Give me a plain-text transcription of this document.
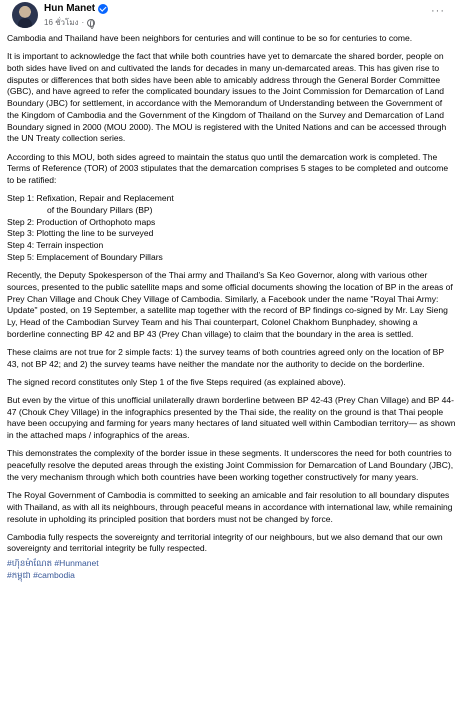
Hun Manet
16 ชั่วโมง ·
···

Cambodia and Thailand have been neighbors for centuries and will continue to be so for centuries to come.

It is important to acknowledge the fact that while both countries have yet to demarcate the shared border, people on both sides have lived on and cultivated the lands for decades in many un-demarcated areas. This has given rise to disputes or differences that both sides have been able to amicably address through the General Border Committee (GBC), and have agreed to refer the complicated boundary issues to the Joint Commission for Demarcation of Land Boundary (JBC) for settlement, in accordance with the Memorandum of Understanding between the Government of the Kingdom of Cambodia and the Government of the Kingdom of Thailand on the Survey and Demarcation of Land Boundary signed in 2000 (MOU 2000). The MOU is registered with the United Nations and can be accessed through the UN Treaty collection series.

According to this MOU, both sides agreed to maintain the status quo until the demarcation work is completed. The Terms of Reference (TOR) of 2003 stipulates that the demarcation comprises 5 stages to be completed and outcome to be ratified:

Step 1: Refixation, Repair and Replacement
of the Boundary Pillars (BP)
Step 2: Production of Orthophoto maps
Step 3: Plotting the line to be surveyed
Step 4: Terrain inspection
Step 5: Emplacement of Boundary Pillars

Recently, the Deputy Spokesperson of the Thai army and Thailand’s Sa Keo Governor, along with various other sources, presented to the public satellite maps and some official documents showing the location of BP in the areas of Prey Chan Village and Chouk Chey Village of Cambodia. Similarly, a Facebook under the name "Royal Thai Army: Update" posted, on 19 September, a satellite map together with the record of BP findings co-signed by Mr. Lay Sieng Ly, Head of the Cambodian Survey Team and his Thai counterpart, Colonel Chakhom Bunphadey, showing a borderline connecting BP 42 and BP 43 (Prey Chan village) to claim that the boundary in the area is settled.

These claims are not true for 2 simple facts: 1) the survey teams of both countries agreed only on the location of BP 43, not BP 42; and 2) the survey teams have neither the mandate nor the authority to decide on the borderline.

The signed record constitutes only Step 1 of the five Steps required (as explained above).

But even by the virtue of this unofficial unilaterally drawn borderline between BP 42-43 (Prey Chan Village) and BP 44-47 (Chouk Chey Village) in the infographics presented by the Thai side, the reality on the ground is that Thai people have been occupying and farming for years many hectares of land situated well within Cambodian territory— as shown in the attached maps / infographics of the areas.

This demonstrates the complexity of the border issue in these segments. It underscores the need for both countries to peacefully resolve the deputed areas through the existing Joint Commission for Demarcation of Land Boundary (JBC), the very mechanism through which both countries have been working together constructively for many years.

The Royal Government of Cambodia is committed to seeking an amicable and fair resolution to all boundary disputes with Thailand, as with all its neighbours, through peaceful means in accordance with international law, while remaining resolute in upholding its principled position that borders must not be changed by force.

Cambodia fully respects the sovereignty and territorial integrity of our neighbours, but we also demand that our own sovereignty and territorial integrity be fully respected.

#ហ៊ុនម៉ាណែត #Hunmanet
#កម្ពុជា #cambodia
